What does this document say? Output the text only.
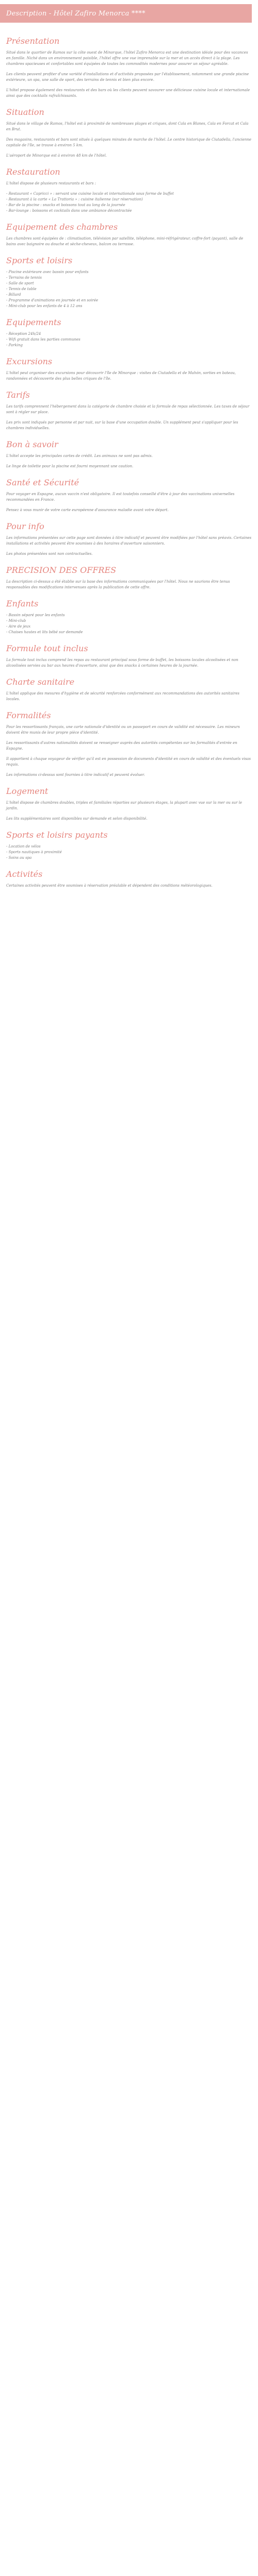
Description - Hôtel Zafiro Menorca ****
Présentation

Situé dans le quartier de Ramos sur la côte ouest de Minorque, l'hôtel Zafiro Menorca est une destination idéale pour des vacances en famille. Niché dans un environnement paisible, l'hôtel offre une vue imprenable sur la mer et un accès direct à la plage. Les chambres spacieuses et confortables sont équipées de toutes les commodités modernes pour assurer un séjour agréable.

Les clients peuvent profiter d'une variété d'installations et d'activités proposées par l'établissement, notamment une grande piscine extérieure, un spa, une salle de sport, des terrains de tennis et bien plus encore.

L'hôtel propose également des restaurants et des bars où les clients peuvent savourer une délicieuse cuisine locale et internationale ainsi que des cocktails rafraîchissants.

Situation

Situé dans le village de Ramos, l'hôtel est à proximité de nombreuses plages et criques, dont Cala en Blanes, Cala en Forcat et Cala en Brut.

Des magasins, restaurants et bars sont situés à quelques minutes de marche de l'hôtel. Le centre historique de Ciutadella, l'ancienne capitale de l'île, se trouve à environ 5 km.

L'aéroport de Minorque est à environ 48 km de l'hôtel.

Restauration

L'hôtel dispose de plusieurs restaurants et bars :

- Restaurant « Capricci » : servant une cuisine locale et internationale sous forme de buffet
- Restaurant à la carte « La Trattoria » : cuisine italienne (sur réservation)
- Bar de la piscine : snacks et boissons tout au long de la journée
- Bar-lounge : boissons et cocktails dans une ambiance décontractée
Equipement des chambres

Les chambres sont équipées de : climatisation, télévision par satellite, téléphone, mini-réfrigérateur, coffre-fort (payant), salle de bains avec baignoire ou douche et sèche-cheveux, balcon ou terrasse.

Sports et loisirs
- Piscine extérieure avec bassin pour enfants
- Terrains de tennis
- Salle de sport
- Tennis de table
- Billard
- Programme d'animations en journée et en soirée
- Mini-club pour les enfants de 4 à 12 ans
Equipements
- Réception 24h/24
- Wifi gratuit dans les parties communes
- Parking
Excursions

L'hôtel peut organiser des excursions pour découvrir l'île de Minorque : visites de Ciutadella et de Mahón, sorties en bateau, randonnées et découverte des plus belles criques de l'île.

Tarifs

Les tarifs comprennent l'hébergement dans la catégorie de chambre choisie et la formule de repas sélectionnée. Les taxes de séjour sont à régler sur place.

Les prix sont indiqués par personne et par nuit, sur la base d'une occupation double. Un supplément peut s'appliquer pour les chambres individuelles.

Bon à savoir

L'hôtel accepte les principales cartes de crédit. Les animaux ne sont pas admis.

Le linge de toilette pour la piscine est fourni moyennant une caution.

Santé et Sécurité

Pour voyager en Espagne, aucun vaccin n'est obligatoire. Il est toutefois conseillé d'être à jour des vaccinations universelles recommandées en France.

Pensez à vous munir de votre carte européenne d'assurance maladie avant votre départ.

Pour info

Les informations présentées sur cette page sont données à titre indicatif et peuvent être modifiées par l'hôtel sans préavis. Certaines installations et activités peuvent être soumises à des horaires d'ouverture saisonniers.

Les photos présentées sont non contractuelles.

PRECISION DES OFFRES

La description ci-dessus a été établie sur la base des informations communiquées par l'hôtel. Nous ne saurions être tenus responsables des modifications intervenues après la publication de cette offre.

Enfants
- Bassin séparé pour les enfants
- Mini-club
- Aire de jeux
- Chaises hautes et lits bébé sur demande
Formule tout inclus

La formule tout inclus comprend les repas au restaurant principal sous forme de buffet, les boissons locales alcoolisées et non alcoolisées servies au bar aux heures d'ouverture, ainsi que des snacks à certaines heures de la journée.

Charte sanitaire

L'hôtel applique des mesures d'hygiène et de sécurité renforcées conformément aux recommandations des autorités sanitaires locales.

Formalités

Pour les ressortissants français, une carte nationale d'identité ou un passeport en cours de validité est nécessaire. Les mineurs doivent être munis de leur propre pièce d'identité.

Les ressortissants d'autres nationalités doivent se renseigner auprès des autorités compétentes sur les formalités d'entrée en Espagne.

Il appartient à chaque voyageur de vérifier qu'il est en possession de documents d'identité en cours de validité et des éventuels visas requis.

Les informations ci-dessus sont fournies à titre indicatif et peuvent évoluer.

Logement

L'hôtel dispose de chambres doubles, triples et familiales réparties sur plusieurs étages, la plupart avec vue sur la mer ou sur le jardin.

Les lits supplémentaires sont disponibles sur demande et selon disponibilité.

Sports et loisirs payants
- Location de vélos
- Sports nautiques à proximité
- Soins au spa
Activités

Certaines activités peuvent être soumises à réservation préalable et dépendent des conditions météorologiques.
